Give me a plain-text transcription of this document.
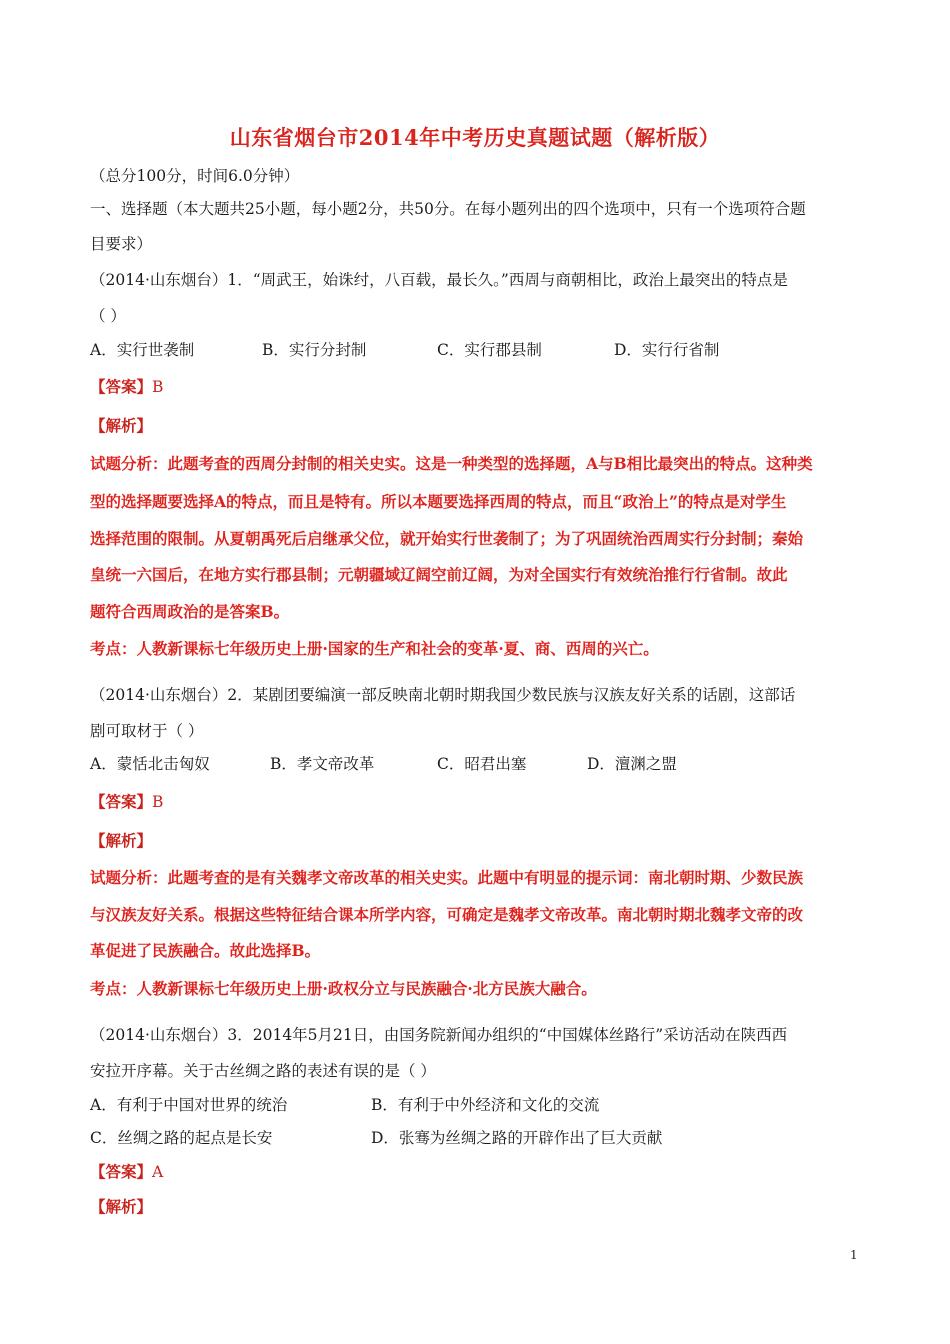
山东省烟台市2014年中考历史真题试题（解析版）
（总分100分，时间6.0分钟）
一、选择题（本大题共25小题，每小题2分，共50分。在每小题列出的四个选项中，只有一个选项符合题
目要求）
（2014·山东烟台）1．“周武王，始诛纣，八百载，最长久。”西周与商朝相比，政治上最突出的特点是
（ ）
A．实行世袭制	B．实行分封制	C．实行郡县制	D．实行行省制
【答案】B
【解析】
试题分析：此题考查的西周分封制的相关史实。这是一种类型的选择题，A与B相比最突出的特点。这种类
型的选择题要选择A的特点，而且是特有。所以本题要选择西周的特点，而且“政治上”的特点是对学生
选择范围的限制。从夏朝禹死后启继承父位，就开始实行世袭制了；为了巩固统治西周实行分封制；秦始
皇统一六国后，在地方实行郡县制；元朝疆域辽阔空前辽阔，为对全国实行有效统治推行行省制。故此
题符合西周政治的是答案B。
考点：人教新课标七年级历史上册·国家的生产和社会的变革·夏、商、西周的兴亡。
（2014·山东烟台）2．某剧团要编演一部反映南北朝时期我国少数民族与汉族友好关系的话剧，这部话
剧可取材于（ ）
A．蒙恬北击匈奴	B．孝文帝改革	C．昭君出塞	D．澶渊之盟
【答案】B
【解析】
试题分析：此题考查的是有关魏孝文帝改革的相关史实。此题中有明显的提示词：南北朝时期、少数民族
与汉族友好关系。根据这些特征结合课本所学内容，可确定是魏孝文帝改革。南北朝时期北魏孝文帝的改
革促进了民族融合。故此选择B。
考点：人教新课标七年级历史上册·政权分立与民族融合·北方民族大融合。
（2014·山东烟台）3．2014年5月21日，由国务院新闻办组织的“中国媒体丝路行”采访活动在陕西西
安拉开序幕。关于古丝绸之路的表述有误的是（ ）
A．有利于中国对世界的统治	B．有利于中外经济和文化的交流
C．丝绸之路的起点是长安	D．张骞为丝绸之路的开辟作出了巨大贡献
【答案】A
【解析】
1
